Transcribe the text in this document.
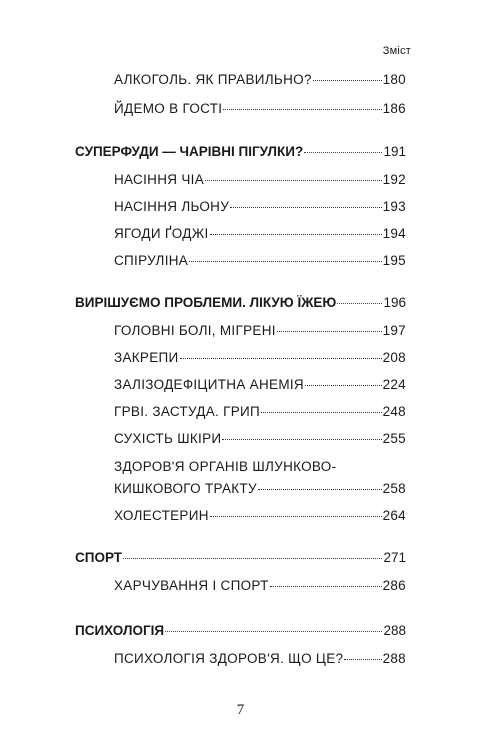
Зміст
АЛКОГОЛЬ. ЯК ПРАВИЛЬНО?	180
ЙДЕМО В ГОСТІ	186
СУПЕРФУДИ — ЧАРІВНІ ПІГУЛКИ?	191
НАСІННЯ ЧІА	192
НАСІННЯ ЛЬОНУ	193
ЯГОДИ ҐОДЖІ	194
СПІРУЛІНА	195
ВИРІШУЄМО ПРОБЛЕМИ. ЛІКУЮ ЇЖЕЮ	196
ГОЛОВНІ БОЛІ, МІГРЕНІ	197
ЗАКРЕПИ	208
ЗАЛІЗОДЕФІЦИТНА АНЕМІЯ	224
ГРВІ. ЗАСТУДА. ГРИП	248
СУХІСТЬ ШКІРИ	255
ЗДОРОВ'Я ОРГАНІВ ШЛУНКОВО-
КИШКОВОГО ТРАКТУ	258
ХОЛЕСТЕРИН	264
СПОРТ	271
ХАРЧУВАННЯ І СПОРТ	286
ПСИХОЛОГІЯ	288
ПСИХОЛОГІЯ ЗДОРОВ'Я. ЩО ЦЕ?	288
7
